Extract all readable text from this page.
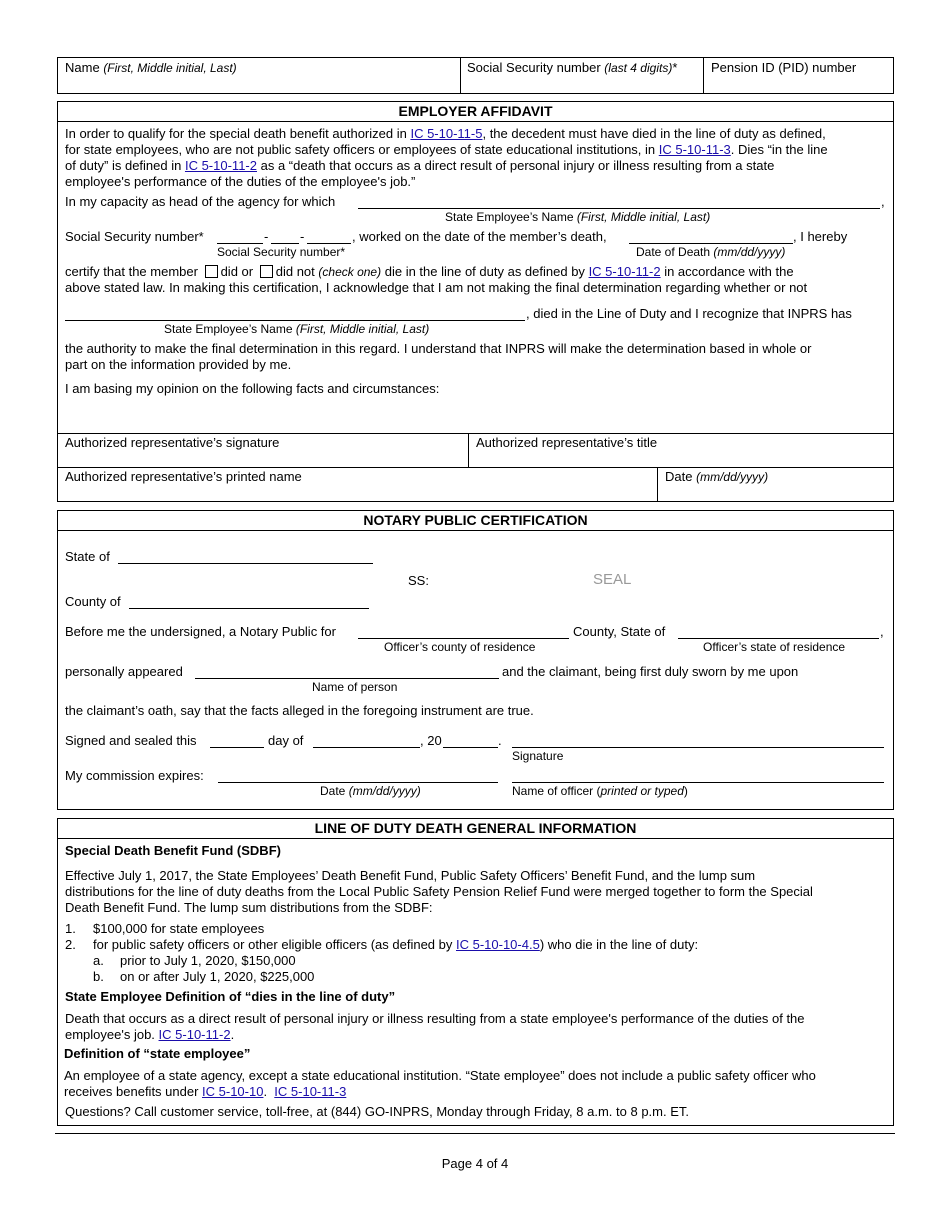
Name (First, Middle initial, Last)	Social Security number (last 4 digits)*	Pension ID (PID) number
EMPLOYER AFFIDAVIT
In order to qualify for the special death benefit authorized in IC 5-10-11-5, the decedent must have died in the line of duty as defined,
for state employees, who are not public safety officers or employees of state educational institutions, in IC 5-10-11-3. Dies “in the line
of duty” is defined in IC 5-10-11-2 as a “death that occurs as a direct result of personal injury or illness resulting from a state
employee's performance of the duties of the employee's job.”
In my capacity as head of the agency for which	,
State Employee’s Name (First, Middle initial, Last)
Social Security number*	- -	, worked on the date of the member’s death,	, I hereby
Social Security number*	Date of Death (mm/dd/yyyy)
certify that the member did or did not (check one) die in the line of duty as defined by IC 5-10-11-2 in accordance with the
above stated law. In making this certification, I acknowledge that I am not making the final determination regarding whether or not
, died in the Line of Duty and I recognize that INPRS has
State Employee’s Name (First, Middle initial, Last)
the authority to make the final determination in this regard. I understand that INPRS will make the determination based in whole or
part on the information provided by me.
I am basing my opinion on the following facts and circumstances:
Authorized representative’s signature	Authorized representative’s title
Authorized representative’s printed name	Date (mm/dd/yyyy)
NOTARY PUBLIC CERTIFICATION
State of
SS:	SEAL
County of
Before me the undersigned, a Notary Public for	County, State of	,
Officer’s county of residence	Officer’s state of residence
personally appeared	and the claimant, being first duly sworn by me upon
Name of person
the claimant’s oath, say that the facts alleged in the foregoing instrument are true.
Signed and sealed this	day of	, 20	.
Signature
My commission expires:
Date (mm/dd/yyyy)	Name of officer (printed or typed)
LINE OF DUTY DEATH GENERAL INFORMATION
Special Death Benefit Fund (SDBF)
Effective July 1, 2017, the State Employees’ Death Benefit Fund, Public Safety Officers’ Benefit Fund, and the lump sum
distributions for the line of duty deaths from the Local Public Safety Pension Relief Fund were merged together to form the Special
Death Benefit Fund. The lump sum distributions from the SDBF:
1. $100,000 for state employees
2. for public safety officers or other eligible officers (as defined by IC 5-10-10-4.5) who die in the line of duty:
a. prior to July 1, 2020, $150,000
b. on or after July 1, 2020, $225,000
State Employee Definition of “dies in the line of duty”
Death that occurs as a direct result of personal injury or illness resulting from a state employee's performance of the duties of the
employee's job. IC 5-10-11-2.
Definition of “state employee”
An employee of a state agency, except a state educational institution. “State employee” does not include a public safety officer who
receives benefits under IC 5-10-10.  IC 5-10-11-3
Questions? Call customer service, toll-free, at (844) GO-INPRS, Monday through Friday, 8 a.m. to 8 p.m. ET.
Page 4 of 4
